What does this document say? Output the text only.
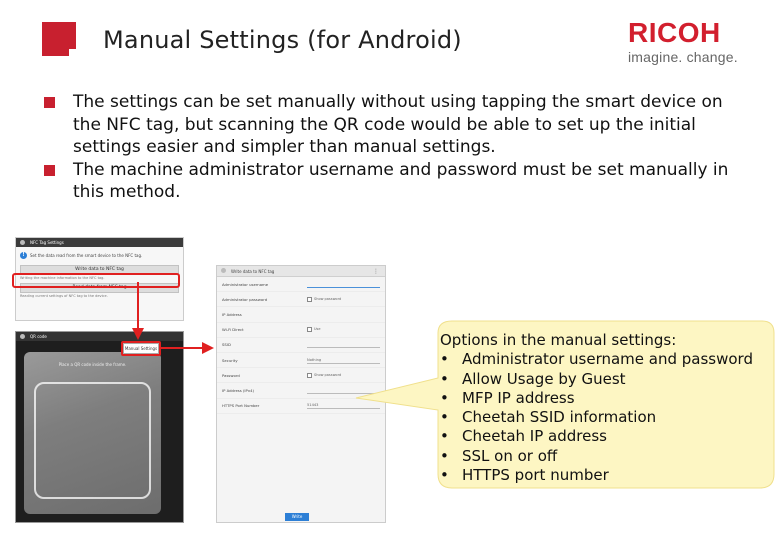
Manual Settings (for Android)	RICOH
imagine. change.
The settings can be set manually without using tapping the smart device on the NFC tag, but scanning the QR code would be able to set up the initial settings easier and simpler than manual settings.
The machine administrator username and password must be set manually in this method.
NFC Tag Settings
!	Set the data read from the smart device to the NFC tag.
Write data to NFC tag
Writing the machine information to the NFC tag.
Read data from NFC tag
Reading current settings of NFC tag to the device.
QR code
Place a QR code inside the frame.
Manual Settings
Write data to NFC tag	⋮
Administrator username
Administrator password	Show password
IP Address
Wi-Fi Direct	Use
SSID
Security	Nothing
Password	Show password
IP Address (IPv4)
HTTPS Port Number	51443
Write
Options in the manual settings:
• Administrator username and password
• Allow Usage by Guest
• MFP IP address
• Cheetah SSID information
• Cheetah IP address
• SSL on or off
• HTTPS port number
